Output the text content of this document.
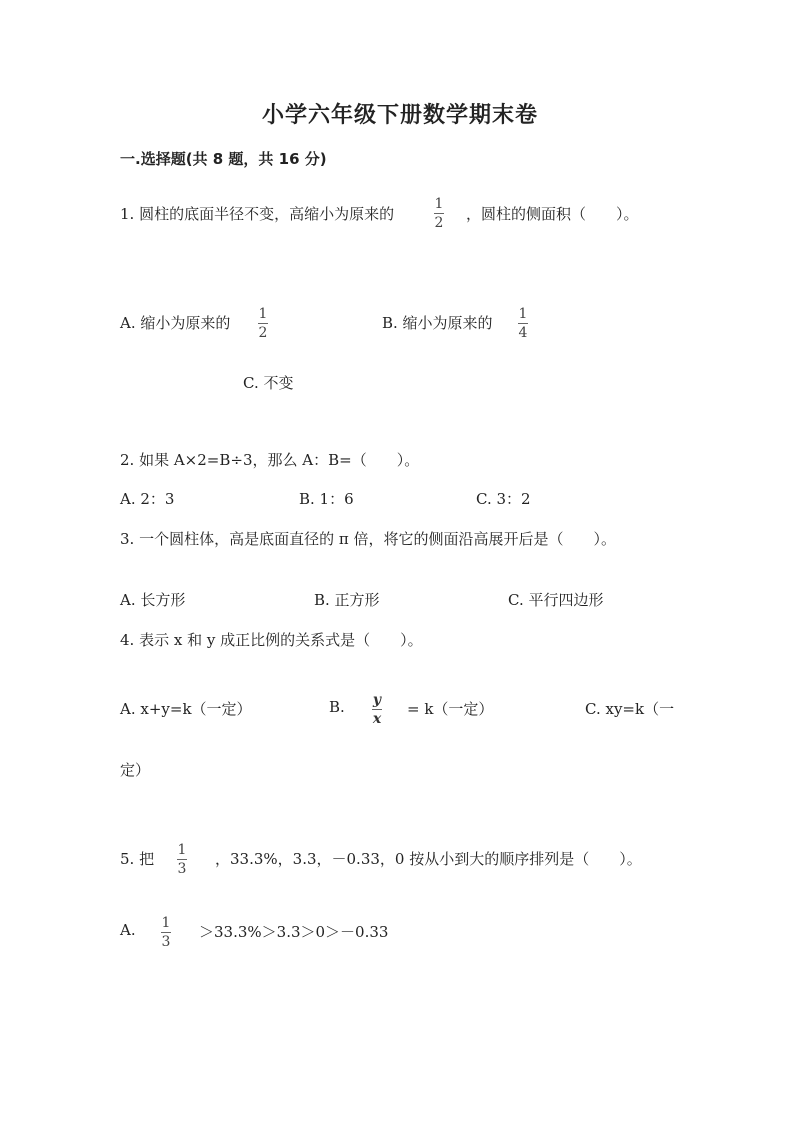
小学六年级下册数学期末卷
一.选择题(共 8 题，共 16 分)
1. 圆柱的底面半径不变，高缩小为原来的
1
2 ，圆柱的侧面积（　　）。
A. 缩小为原来的 1
2
B. 缩小为原来的 1
4
C. 不变
2. 如果 A×2=B÷3，那么 A：B=（　　）。
A. 2：3	B. 1：6	C. 3：2
3. 一个圆柱体，高是底面直径的 π 倍，将它的侧面沿高展开后是（　　）。
A. 长方形	B. 正方形	C. 平行四边形
4. 表示 x 和 y 成正比例的关系式是（　　）。
A. x+y=k（一定）	B. y
x
= k（一定）	C. xy=k（一
定）
5. 把 1
3
，33.3%，3.3，－0.33，0 按从小到大的顺序排列是（　　）。
A. 1
3
＞33.3%＞3.3＞0＞－0.33
